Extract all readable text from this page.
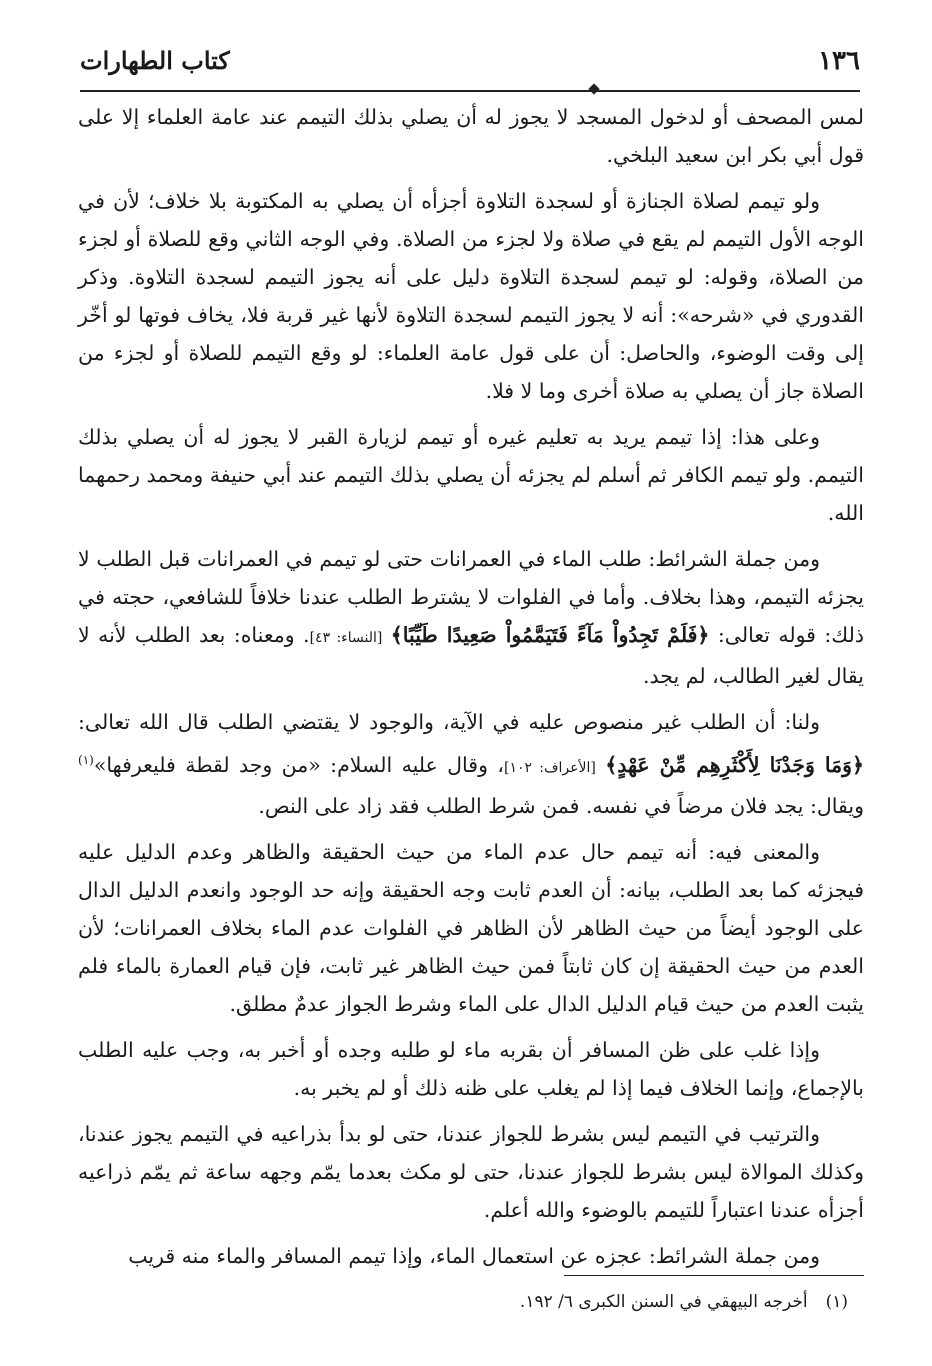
١٣٦
كتاب الطهارات

لمس المصحف أو لدخول المسجد لا يجوز له أن يصلي بذلك التيمم عند عامة العلماء إلا على قول أبي بكر ابن سعيد البلخي.

ولو تيمم لصلاة الجنازة أو لسجدة التلاوة أجزأه أن يصلي به المكتوبة بلا خلاف؛ لأن في الوجه الأول التيمم لم يقع في صلاة ولا لجزء من الصلاة. وفي الوجه الثاني وقع للصلاة أو لجزء من الصلاة، وقوله: لو تيمم لسجدة التلاوة دليل على أنه يجوز التيمم لسجدة التلاوة. وذكر القدوري في «شرحه»: أنه لا يجوز التيمم لسجدة التلاوة لأنها غير قربة فلا، يخاف فوتها لو أخّر إلى وقت الوضوء، والحاصل: أن على قول عامة العلماء: لو وقع التيمم للصلاة أو لجزء من الصلاة جاز أن يصلي به صلاة أخرى وما لا فلا.

وعلى هذا: إذا تيمم يريد به تعليم غيره أو تيمم لزيارة القبر لا يجوز له أن يصلي بذلك التيمم. ولو تيمم الكافر ثم أسلم لم يجزئه أن يصلي بذلك التيمم عند أبي حنيفة ومحمد رحمهما الله.

ومن جملة الشرائط: طلب الماء في العمرانات حتى لو تيمم في العمرانات قبل الطلب لا يجزئه التيمم، وهذا بخلاف. وأما في الفلوات لا يشترط الطلب عندنا خلافاً للشافعي، حجته في ذلك: قوله تعالى: ﴿فَلَمْ تَجِدُواْ مَآءً فَتَيَمَّمُواْ صَعِيدًا طَيِّبًا﴾ [النساء: ٤٣]. ومعناه: بعد الطلب لأنه لا يقال لغير الطالب، لم يجد.

ولنا: أن الطلب غير منصوص عليه في الآية، والوجود لا يقتضي الطلب قال الله تعالى: ﴿وَمَا وَجَدْنَا لِأَكْثَرِهِم مِّنْ عَهْدٍ﴾ [الأعراف: ١٠٢]، وقال عليه السلام: «من وجد لقطة فليعرفها»$^{(١)}$ ويقال: يجد فلان مرضاً في نفسه. فمن شرط الطلب فقد زاد على النص.

والمعنى فيه: أنه تيمم حال عدم الماء من حيث الحقيقة والظاهر وعدم الدليل عليه فيجزئه كما بعد الطلب، بيانه: أن العدم ثابت وجه الحقيقة وإنه حد الوجود وانعدم الدليل الدال على الوجود أيضاً من حيث الظاهر لأن الظاهر في الفلوات عدم الماء بخلاف العمرانات؛ لأن العدم من حيث الحقيقة إن كان ثابتاً فمن حيث الظاهر غير ثابت، فإن قيام العمارة بالماء فلم يثبت العدم من حيث قيام الدليل الدال على الماء وشرط الجواز عدمٌ مطلق.

وإذا غلب على ظن المسافر أن بقربه ماء لو طلبه وجده أو أخبر به، وجب عليه الطلب بالإجماع، وإنما الخلاف فيما إذا لم يغلب على ظنه ذلك أو لم يخبر به.

والترتيب في التيمم ليس بشرط للجواز عندنا، حتى لو بدأ بذراعيه في التيمم يجوز عندنا، وكذلك الموالاة ليس بشرط للجواز عندنا، حتى لو مكث بعدما يمّم وجهه ساعة ثم يمّم ذراعيه أجزأه عندنا اعتباراً للتيمم بالوضوء والله أعلم.

ومن جملة الشرائط: عجزه عن استعمال الماء، وإذا تيمم المسافر والماء منه قريب

(١)أخرجه البيهقي في السنن الكبرى ٦/ ١٩٢.
